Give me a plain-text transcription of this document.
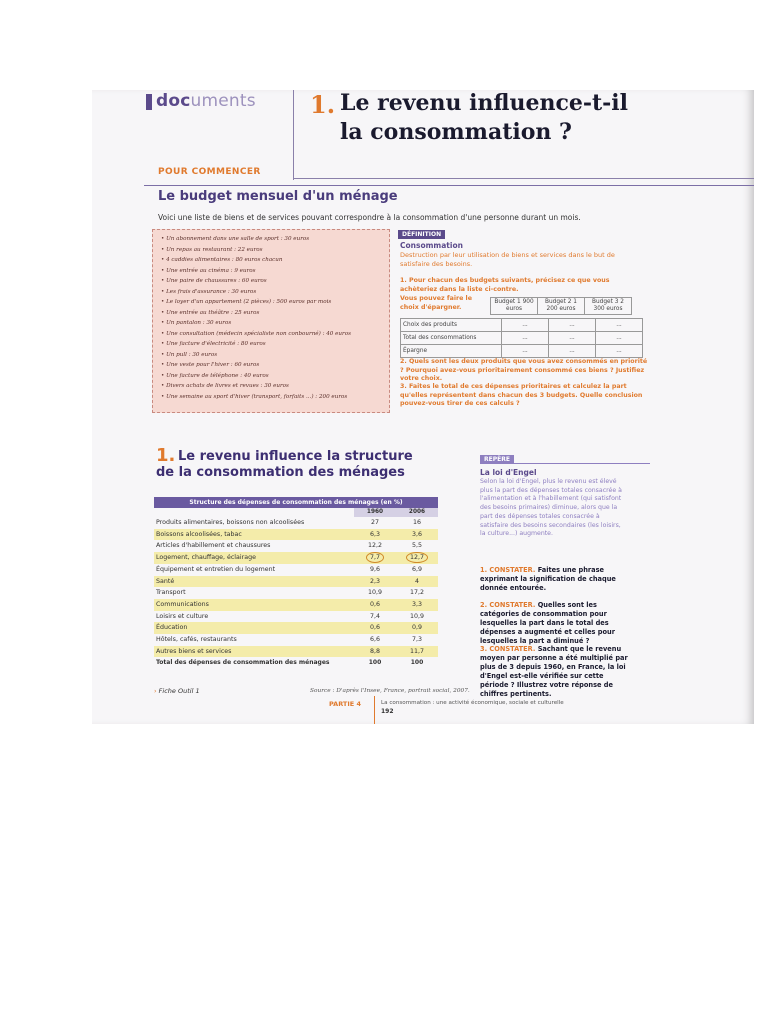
documents 1. Le revenu influence-t-il la consommation ?
POUR COMMENCER
Le budget mensuel d'un ménage
Voici une liste de biens et de services pouvant correspondre à la consommation d'une personne durant un mois.
• Un abonnement dans une salle de sport : 30 euros
• Un repas au restaurant : 22 euros
• 4 caddies alimentaires : 80 euros chacun
• Une entrée au cinéma : 9 euros
• Une paire de chaussures : 60 euros
• Les frais d'assurance : 30 euros
• Le loyer d'un appartement (2 pièces) : 500 euros par mois
• Une entrée au théâtre : 25 euros
• Un pantalon : 30 euros
• Une consultation (médecin spécialiste non conbourné) : 40 euros
• Une facture d'électricité : 80 euros
• Un pull : 30 euros
• Une veste pour l'hiver : 60 euros
• Une facture de téléphone : 40 euros
• Divers achats de livres et revues : 30 euros
• Une semaine au sport d'hiver (transport, forfaits ...) : 200 euros
DÉFINITION
Consommation
Destruction par leur utilisation de biens et services dans le but de satisfaire des besoins.
1. Pour chacun des budgets suivants, précisez ce que vous achèteriez dans la liste ci-contre.
Vous pouvez faire le choix d'épargner.
	Budget 1 900 euros	Budget 2 1 200 euros	Budget 3 2 300 euros
Choix des produits	...	...	...
Total des consommations	...	...	...
Épargne	...	...	...
2. Quels sont les deux produits que vous avez consommés en priorité ? Pourquoi avez-vous prioritairement consommé ces biens ? Justifiez votre choix.
3. Faites le total de ces dépenses prioritaires et calculez la part qu'elles représentent dans chacun des 3 budgets. Quelle conclusion pouvez-vous tirer de ces calculs ?
1. Le revenu influence la structure
de la consommation des ménages
Structure des dépenses de consommation des ménages (en %)
	1960	2006
Produits alimentaires, boissons non alcoolisées	27	16
Boissons alcoolisées, tabac	6,3	3,6
Articles d'habillement et chaussures	12,2	5,5
Logement, chauffage, éclairage	7,7	12,7
Équipement et entretien du logement	9,6	6,9
Santé	2,3	4
Transport	10,9	17,2
Communications	0,6	3,3
Loisirs et culture	7,4	10,9
Éducation	0,6	0,9
Hôtels, cafés, restaurants	6,6	7,3
Autres biens et services	8,8	11,7
Total des dépenses de consommation des ménages	100	100
› Fiche Outil 1	Source : D'après l'Insee, France, portrait social, 2007.
PARTIE 4	La consommation : une activité économique, sociale et culturelle
192
REPÈRE
La loi d'Engel
Selon la loi d'Engel, plus le revenu est élevé plus la part des dépenses totales consacrée à l'alimentation et à l'habillement (qui satisfont des besoins primaires) diminue, alors que la part des dépenses totales consacrée à satisfaire des besoins secondaires (les loisirs, la culture...) augmente.
1. CONSTATER. Faites une phrase exprimant la signification de chaque donnée entourée.
2. CONSTATER. Quelles sont les catégories de consommation pour lesquelles la part dans le total des dépenses a augmenté et celles pour lesquelles la part a diminué ?
3. CONSTATER. Sachant que le revenu moyen par personne a été multiplié par plus de 3 depuis 1960, en France, la loi d'Engel est-elle vérifiée sur cette période ? Illustrez votre réponse de chiffres pertinents.
